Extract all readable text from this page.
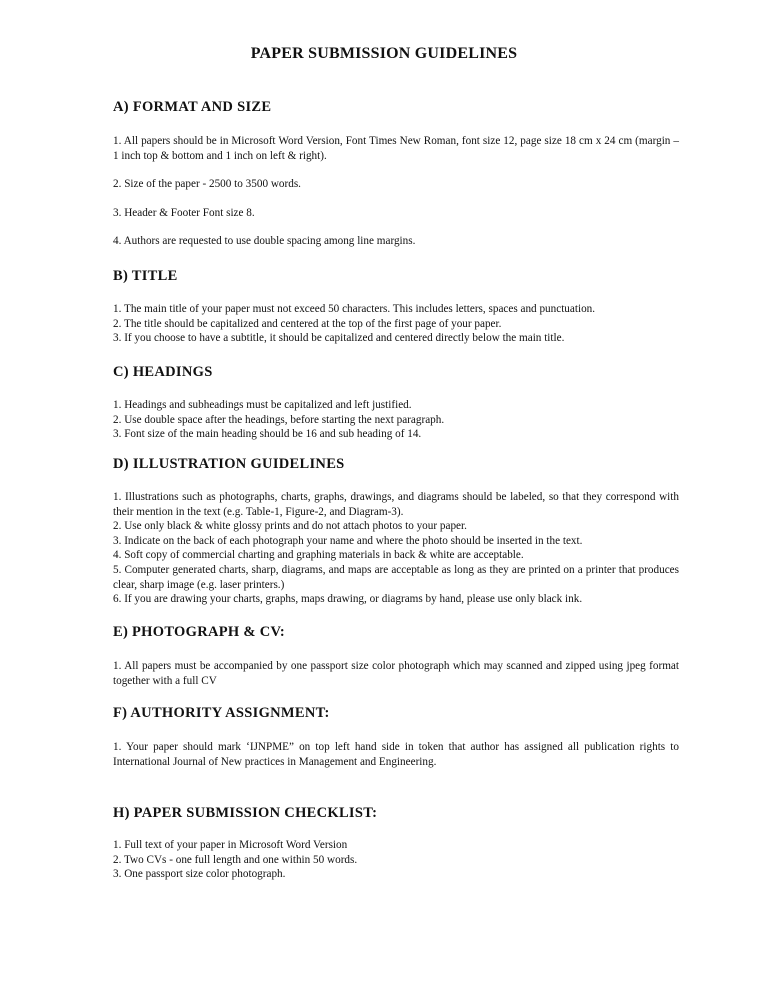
PAPER SUBMISSION GUIDELINES
A) FORMAT AND SIZE

1. All papers should be in Microsoft Word Version, Font Times New Roman, font size 12, page size 18 cm x 24 cm (margin – 1 inch top & bottom and 1 inch on left & right).

2. Size of the paper - 2500 to 3500 words.

3. Header & Footer Font size 8.

4. Authors are requested to use double spacing among line margins.

B) TITLE
1. The main title of your paper must not exceed 50 characters. This includes letters, spaces and punctuation.
2. The title should be capitalized and centered at the top of the first page of your paper.
3. If you choose to have a subtitle, it should be capitalized and centered directly below the main title.
C) HEADINGS
1. Headings and subheadings must be capitalized and left justified.
2. Use double space after the headings, before starting the next paragraph.
3. Font size of the main heading should be 16 and sub heading of 14.
D) ILLUSTRATION GUIDELINES
1. Illustrations such as photographs, charts, graphs, drawings, and diagrams should be labeled, so that they correspond with their mention in the text (e.g. Table-1, Figure-2, and Diagram-3).
2. Use only black & white glossy prints and do not attach photos to your paper.
3. Indicate on the back of each photograph your name and where the photo should be inserted in the text.
4. Soft copy of commercial charting and graphing materials in back & white are acceptable.
5. Computer generated charts, sharp, diagrams, and maps are acceptable as long as they are printed on a printer that produces clear, sharp image (e.g. laser printers.)
6. If you are drawing your charts, graphs, maps drawing, or diagrams by hand, please use only black ink.
E) PHOTOGRAPH & CV:

1. All papers must be accompanied by one passport size color photograph which may scanned and zipped using jpeg format together with a full CV

F) AUTHORITY ASSIGNMENT:

1. Your paper should mark ‘IJNPME” on top left hand side in token that author has assigned all publication rights to International Journal of New practices in Management and Engineering.

H) PAPER SUBMISSION CHECKLIST:
1. Full text of your paper in Microsoft Word Version
2. Two CVs - one full length and one within 50 words.
3. One passport size color photograph.
